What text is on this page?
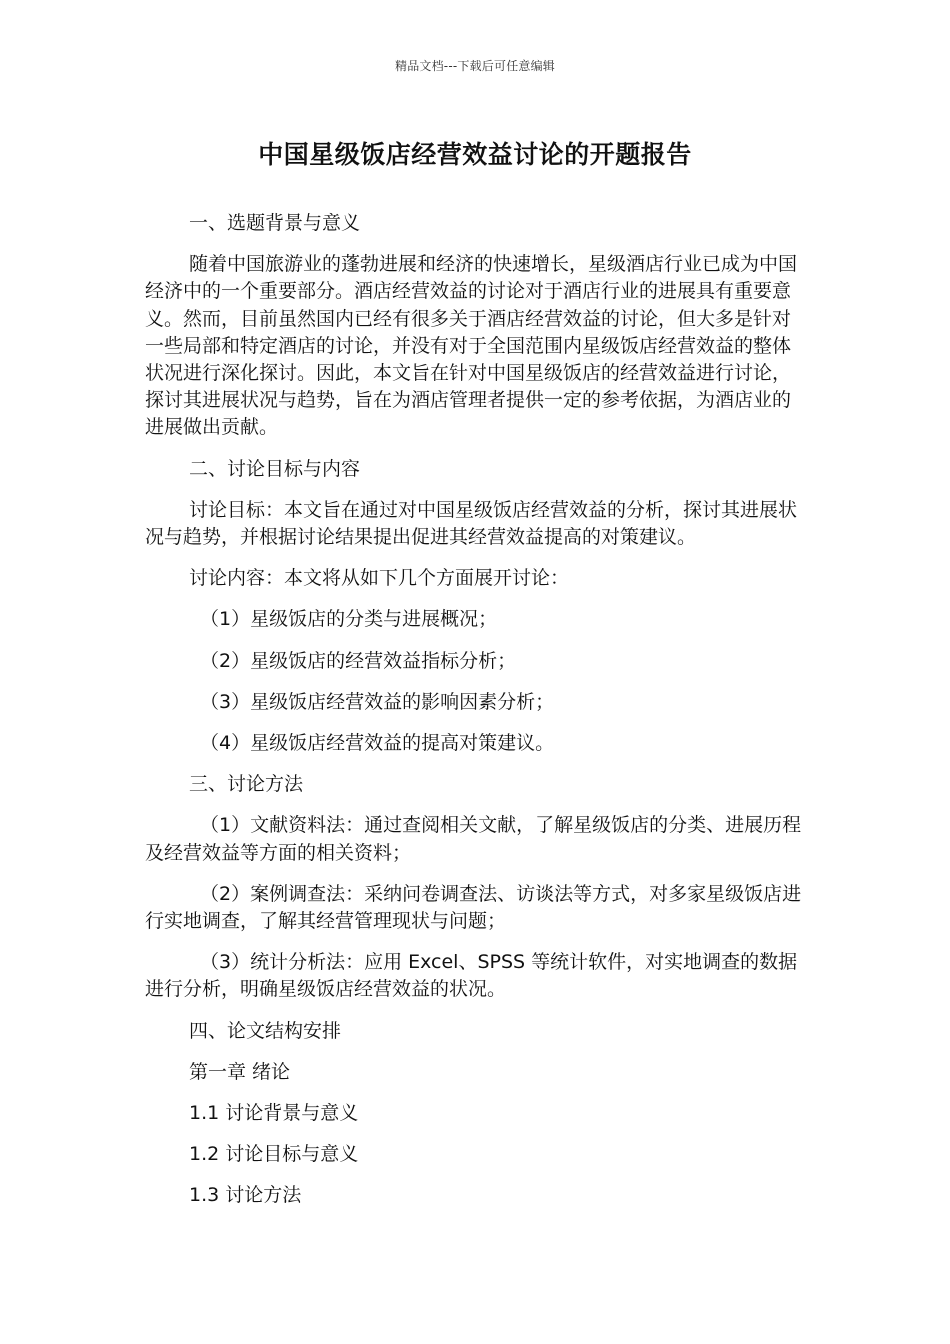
精品文档---下载后可任意编辑
中国星级饭店经营效益讨论的开题报告

一、选题背景与意义

随着中国旅游业的蓬勃进展和经济的快速增长，星级酒店行业已成为中国经济中的一个重要部分。酒店经营效益的讨论对于酒店行业的进展具有重要意义。然而，目前虽然国内已经有很多关于酒店经营效益的讨论，但大多是针对一些局部和特定酒店的讨论，并没有对于全国范围内星级饭店经营效益的整体状况进行深化探讨。因此，本文旨在针对中国星级饭店的经营效益进行讨论，探讨其进展状况与趋势，旨在为酒店管理者提供一定的参考依据，为酒店业的进展做出贡献。

二、讨论目标与内容

讨论目标：本文旨在通过对中国星级饭店经营效益的分析，探讨其进展状况与趋势，并根据讨论结果提出促进其经营效益提高的对策建议。

讨论内容：本文将从如下几个方面展开讨论：

（1）星级饭店的分类与进展概况；

（2）星级饭店的经营效益指标分析；

（3）星级饭店经营效益的影响因素分析；

（4）星级饭店经营效益的提高对策建议。

三、讨论方法

（1）文献资料法：通过查阅相关文献，了解星级饭店的分类、进展历程及经营效益等方面的相关资料；

（2）案例调查法：采纳问卷调查法、访谈法等方式，对多家星级饭店进行实地调查，了解其经营管理现状与问题；

（3）统计分析法：应用 Excel、SPSS 等统计软件，对实地调查的数据进行分析，明确星级饭店经营效益的状况。

四、论文结构安排

第一章 绪论

1.1 讨论背景与意义

1.2 讨论目标与意义

1.3 讨论方法
